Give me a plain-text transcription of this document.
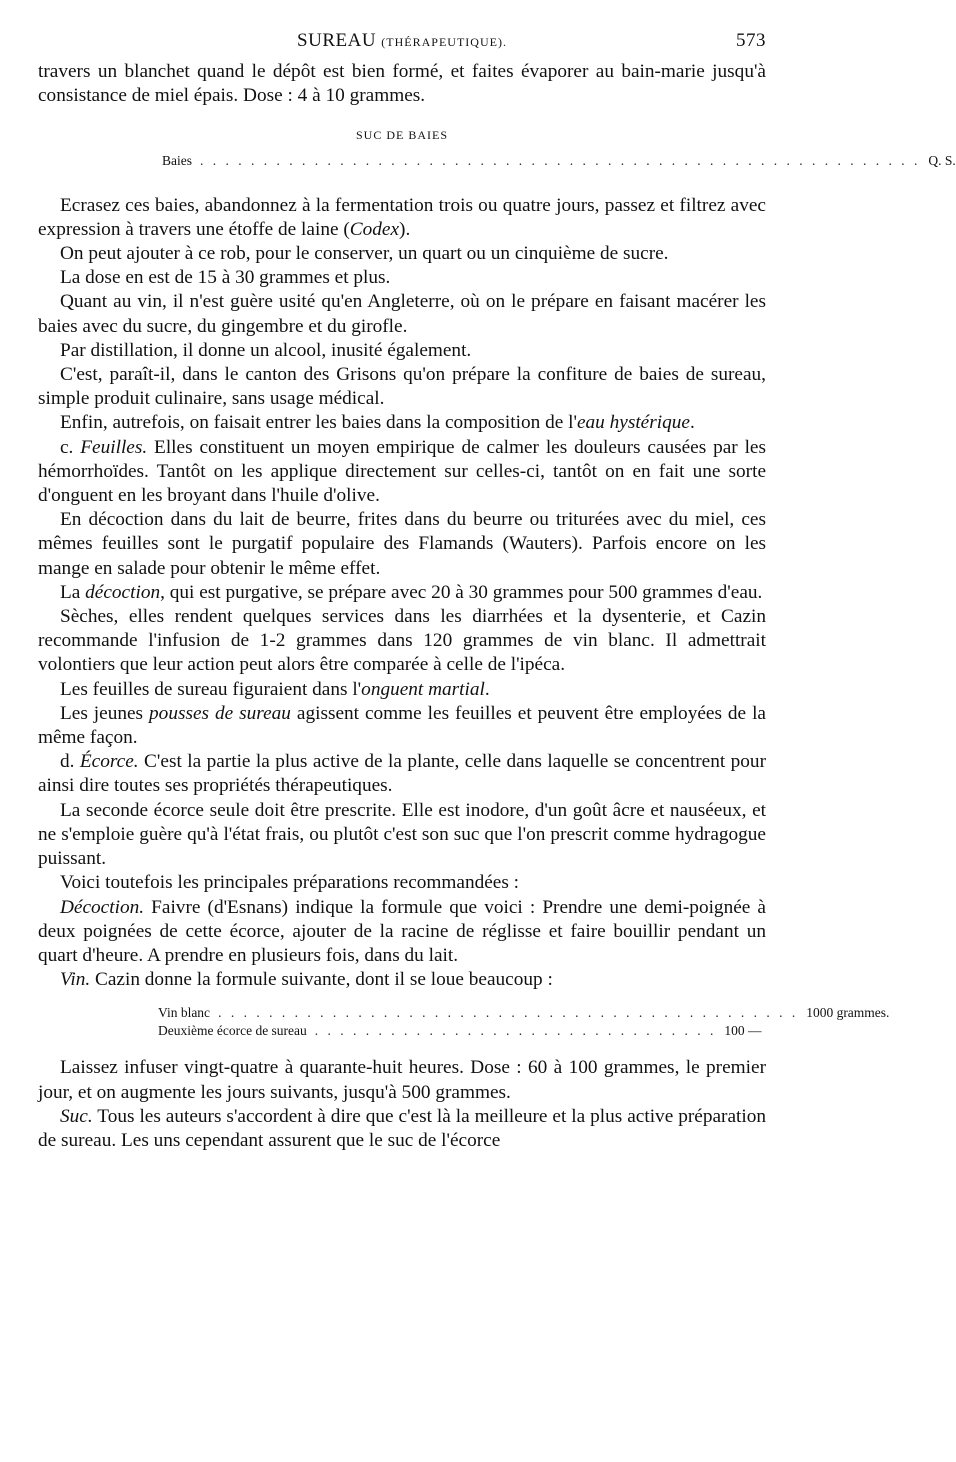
SUREAU (THÉRAPEUTIQUE).	573

travers un blanchet quand le dépôt est bien formé, et faites évaporer au bain-marie jusqu'à consistance de miel épais. Dose : 4 à 10 grammes.

SUC DE BAIES
Baies . . . . . . . . . . . . . . . . . . . . . . . . . . . . . . . . . . . . . . . . . . . . . . . . . . . . . . . . . Q. S.

Ecrasez ces baies, abandonnez à la fermentation trois ou quatre jours, passez et filtrez avec expression à travers une étoffe de laine (Codex).

On peut ajouter à ce rob, pour le conserver, un quart ou un cinquième de sucre.

La dose en est de 15 à 30 grammes et plus.

Quant au vin, il n'est guère usité qu'en Angleterre, où on le prépare en faisant macérer les baies avec du sucre, du gingembre et du girofle.

Par distillation, il donne un alcool, inusité également.

C'est, paraît-il, dans le canton des Grisons qu'on prépare la confiture de baies de sureau, simple produit culinaire, sans usage médical.

Enfin, autrefois, on faisait entrer les baies dans la composition de l'eau hystérique.

c. Feuilles. Elles constituent un moyen empirique de calmer les douleurs causées par les hémorrhoïdes. Tantôt on les applique directement sur celles-ci, tantôt on en fait une sorte d'onguent en les broyant dans l'huile d'olive.

En décoction dans du lait de beurre, frites dans du beurre ou triturées avec du miel, ces mêmes feuilles sont le purgatif populaire des Flamands (Wauters). Parfois encore on les mange en salade pour obtenir le même effet.

La décoction, qui est purgative, se prépare avec 20 à 30 grammes pour 500 grammes d'eau.

Sèches, elles rendent quelques services dans les diarrhées et la dysenterie, et Cazin recommande l'infusion de 1-2 grammes dans 120 grammes de vin blanc. Il admettrait volontiers que leur action peut alors être comparée à celle de l'ipéca.

Les feuilles de sureau figuraient dans l'onguent martial.

Les jeunes pousses de sureau agissent comme les feuilles et peuvent être employées de la même façon.

d. Écorce. C'est la partie la plus active de la plante, celle dans laquelle se concentrent pour ainsi dire toutes ses propriétés thérapeutiques.

La seconde écorce seule doit être prescrite. Elle est inodore, d'un goût âcre et nauséeux, et ne s'emploie guère qu'à l'état frais, ou plutôt c'est son suc que l'on prescrit comme hydragogue puissant.

Voici toutefois les principales préparations recommandées :

Décoction. Faivre (d'Esnans) indique la formule que voici : Prendre une demi-poignée à deux poignées de cette écorce, ajouter de la racine de réglisse et faire bouillir pendant un quart d'heure. A prendre en plusieurs fois, dans du lait.

Vin. Cazin donne la formule suivante, dont il se loue beaucoup :

Vin blanc . . . . . . . . . . . . . . . . . . . . . . . . . . . . . . . . . . . . . . . . . . . . . . 1000 grammes.
Deuxième écorce de sureau . . . . . . . . . . . . . . . . . . . . . . . . . . . . . . . . 100 —

Laissez infuser vingt-quatre à quarante-huit heures. Dose : 60 à 100 grammes, le premier jour, et on augmente les jours suivants, jusqu'à 500 grammes.

Suc. Tous les auteurs s'accordent à dire que c'est là la meilleure et la plus active préparation de sureau. Les uns cependant assurent que le suc de l'écorce
